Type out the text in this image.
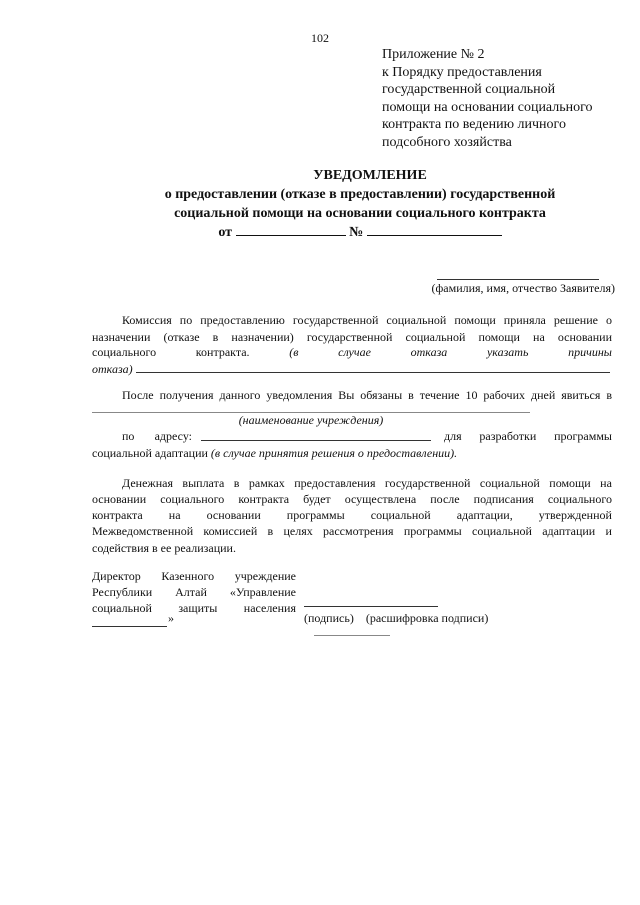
102
Приложение № 2
к Порядку предоставления
государственной социальной
помощи на основании социального
контракта по ведению личного
подсобного хозяйства
УВЕДОМЛЕНИЕ
о предоставлении (отказе в предоставлении) государственной
социальной помощи на основании социального контракта
от	№
(фамилия, имя, отчество Заявителя)
Комиссия по предоставлению государственной социальной помощи приняла решение о
назначении (отказе в назначении) государственной социальной помощи на основании
социального	контракта.	(в	случае	отказа	указать	причины
отказа)
После получения данного уведомления Вы обязаны в течение 10 рабочих дней явиться в
(наименование учреждения)
по адресу:	для разработки программы
социальной адаптации (в случае принятия решения о предоставлении).
Денежная выплата в рамках предоставления государственной социальной помощи на
основании социального контракта будет осуществлена после подписания социального
контракта на основании программы социальной адаптации, утвержденной
Межведомственной комиссией в целях рассмотрения программы социальной адаптации и
содействия в ее реализации.
Директор Казенного учреждение
Республики Алтай «Управление
социальной защиты населения
»	(подпись)    (расшифровка подписи)
